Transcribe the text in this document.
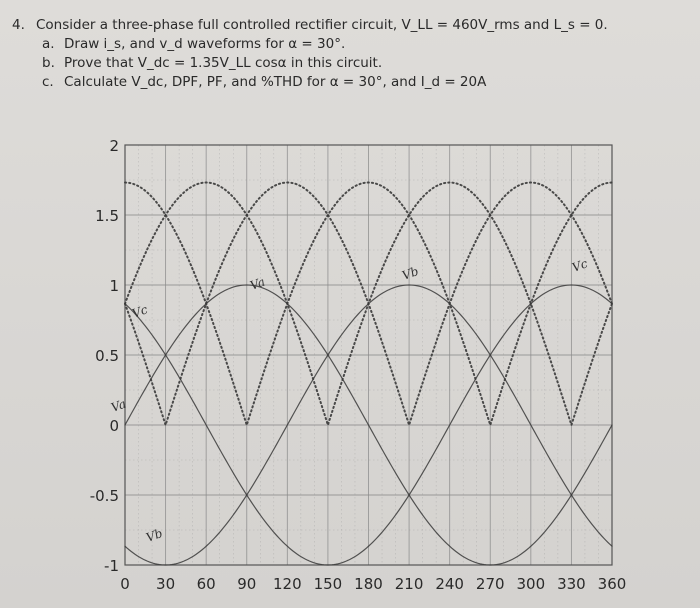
4. Consider a three-phase full controlled rectifier circuit, V_LL = 460V_rms and L_s = 0.
a. Draw i_s, and v_d waveforms for α = 30°.
b. Prove that V_dc = 1.35V_LL cosα in this circuit.
c. Calculate V_dc, DPF, PF, and %THD for α = 30°, and I_d = 20A
0 30 60 90 120 150 180 210 240 270 300 330 360
-1
-0.5
0
0.5
1
1.5
2
Va
Vb	Vc
Vc
Va
Vb
